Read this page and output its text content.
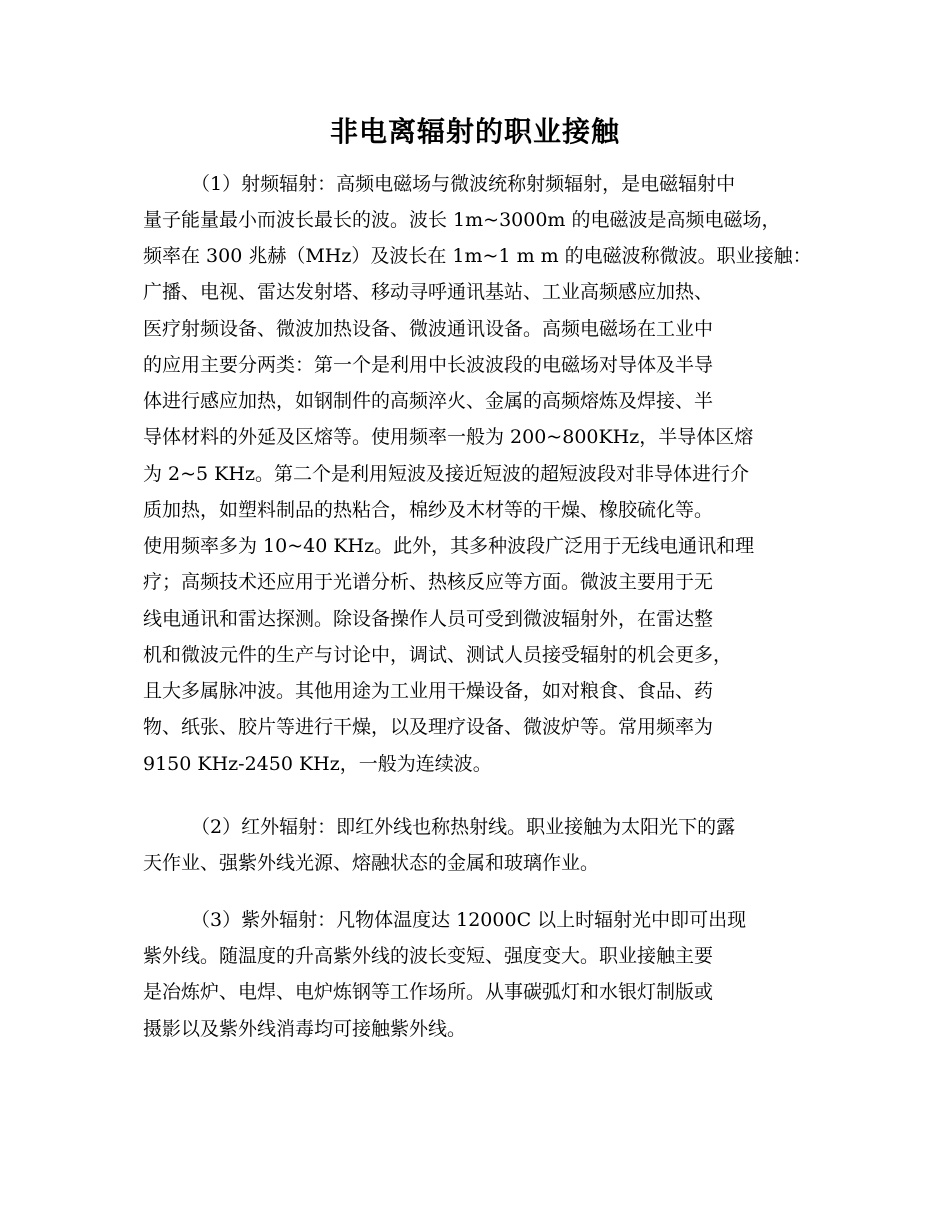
非电离辐射的职业接触
（1）射频辐射：高频电磁场与微波统称射频辐射，是电磁辐射中
量子能量最小而波长最长的波。波长 1m~3000m 的电磁波是高频电磁场，
频率在 300 兆赫（MHz）及波长在 1m~1 m m 的电磁波称微波。职业接触：
广播、电视、雷达发射塔、移动寻呼通讯基站、工业高频感应加热、
医疗射频设备、微波加热设备、微波通讯设备。高频电磁场在工业中
的应用主要分两类：第一个是利用中长波波段的电磁场对导体及半导
体进行感应加热，如钢制件的高频淬火、金属的高频熔炼及焊接、半
导体材料的外延及区熔等。使用频率一般为 200~800KHz，半导体区熔
为 2~5 KHz。第二个是利用短波及接近短波的超短波段对非导体进行介
质加热，如塑料制品的热粘合，棉纱及木材等的干燥、橡胶硫化等。
使用频率多为 10~40 KHz。此外，其多种波段广泛用于无线电通讯和理
疗；高频技术还应用于光谱分析、热核反应等方面。微波主要用于无
线电通讯和雷达探测。除设备操作人员可受到微波辐射外，在雷达整
机和微波元件的生产与讨论中，调试、测试人员接受辐射的机会更多，
且大多属脉冲波。其他用途为工业用干燥设备，如对粮食、食品、药
物、纸张、胶片等进行干燥，以及理疗设备、微波炉等。常用频率为
9150 KHz-2450 KHz，一般为连续波。
（2）红外辐射：即红外线也称热射线。职业接触为太阳光下的露
天作业、强紫外线光源、熔融状态的金属和玻璃作业。
（3）紫外辐射：凡物体温度达 12000C 以上时辐射光中即可出现
紫外线。随温度的升高紫外线的波长变短、强度变大。职业接触主要
是冶炼炉、电焊、电炉炼钢等工作场所。从事碳弧灯和水银灯制版或
摄影以及紫外线消毒均可接触紫外线。
